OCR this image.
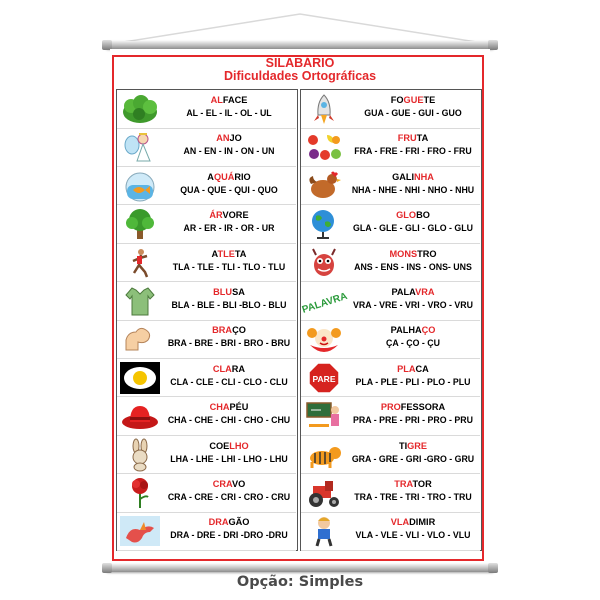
SILABÁRIO
Dificuldades Ortográficas
ALFACE
AL - EL - IL - OL - UL
ANJO
AN - EN - IN - ON - UN
AQUÁRIO
QUA - QUE - QUI - QUO
ÁRVORE
AR - ER - IR - OR - UR
ATLETA
TLA - TLE - TLI - TLO - TLU
BLUSA
BLA - BLE - BLI -BLO - BLU
BRAÇO
BRA - BRE - BRI - BRO - BRU
CLARA
CLA - CLE - CLI - CLO - CLU
CHAPÉU
CHA - CHE - CHI - CHO - CHU
COELHO
LHA - LHE - LHI - LHO - LHU
CRAVO
CRA - CRE - CRI - CRO - CRU
DRAGÃO
DRA - DRE - DRI -DRO -DRU
FOGUETE
GUA - GUE - GUI - GUO
FRUTA
FRA - FRE - FRI - FRO - FRU
GALINHA
NHA - NHE - NHI - NHO - NHU
GLOBO
GLA - GLE - GLI - GLO - GLU
MONSTRO
ANS - ENS - INS - ONS- UNS
PALAVRA	PALAVRA
VRA - VRE - VRI - VRO - VRU
PALHAÇO
ÇA - ÇO - ÇU
PARE
PLACA
PLA - PLE - PLI - PLO - PLU
PROFESSORA
PRA - PRE - PRI - PRO - PRU
TIGRE
GRA - GRE - GRI -GRO - GRU
TRATOR
TRA - TRE - TRI - TRO - TRU
VLADIMIR
VLA - VLE - VLI - VLO - VLU
Opção: Simples
